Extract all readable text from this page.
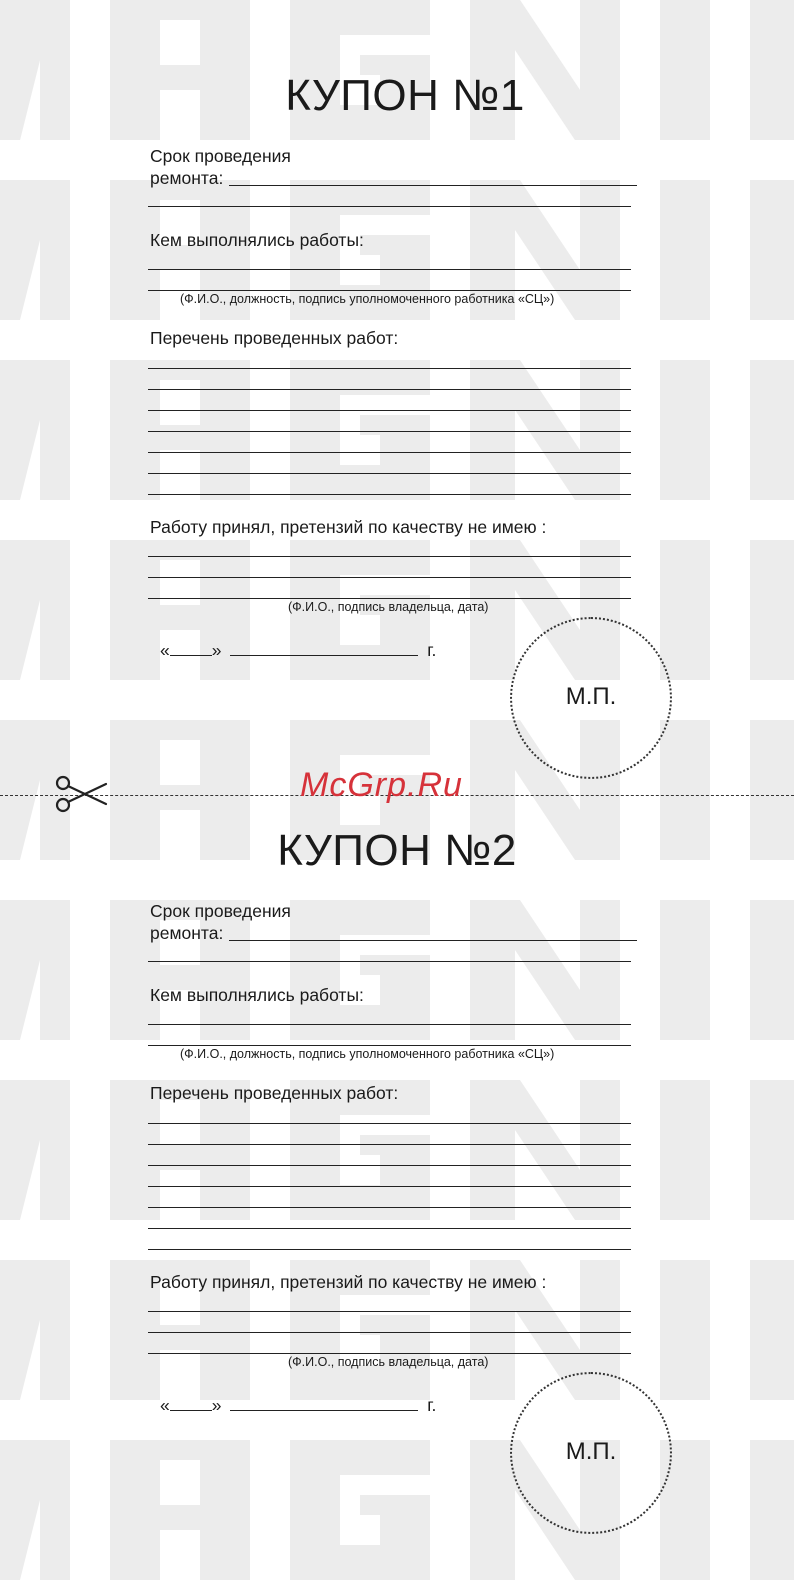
КУПОН №1
Срок проведения
ремонта:
Кем выполнялись работы:
(Ф.И.О., должность, подпись уполномоченного работника «СЦ»)
Перечень проведенных работ:
Работу принял, претензий по качеству не имею :
(Ф.И.О., подпись владельца, дата)
« »	г.
М.П.
McGrp.Ru
КУПОН №2
Срок проведения
ремонта:
Кем выполнялись работы:
(Ф.И.О., должность, подпись уполномоченного работника «СЦ»)
Перечень проведенных работ:
Работу принял, претензий по качеству не имею :
(Ф.И.О., подпись владельца, дата)
« »	г.
М.П.
